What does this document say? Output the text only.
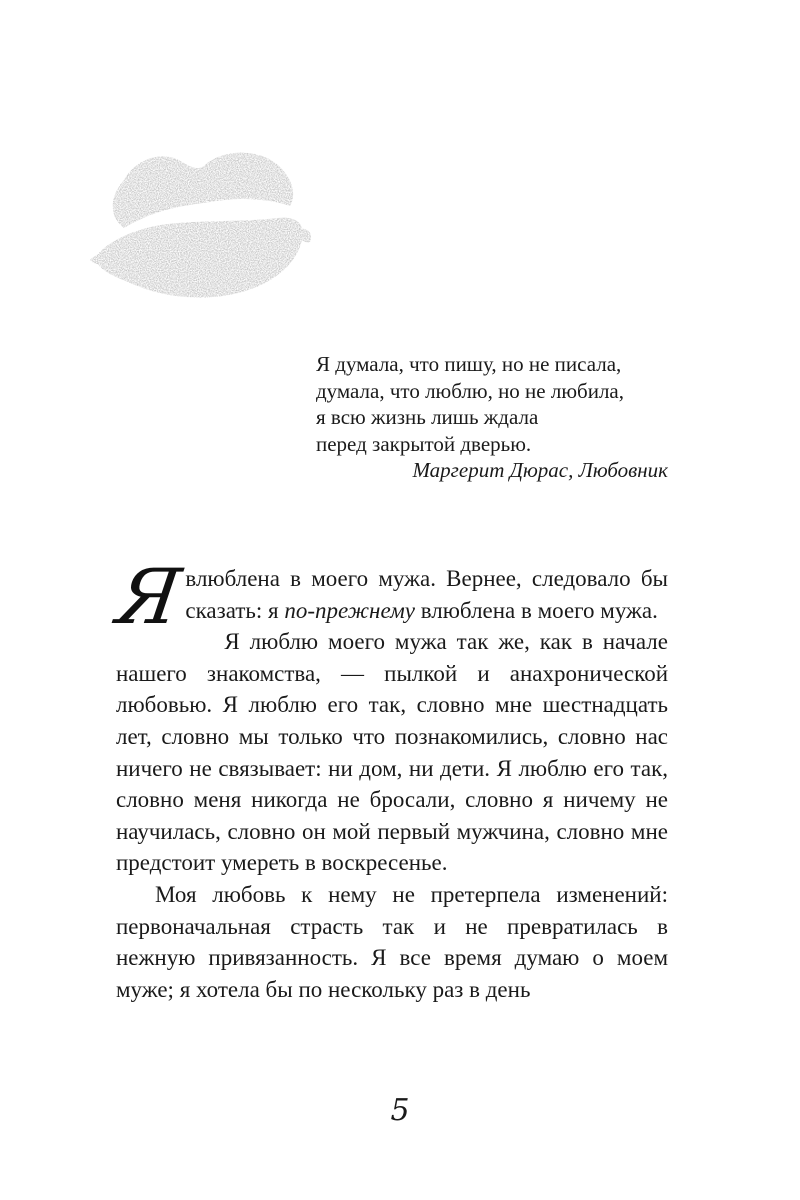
Я думала, что пишу, но не писала,
думала, что люблю, но не любила,
я всю жизнь лишь ждала
перед закрытой дверью.
Маргерит Дюрас, Любовник

Явлюблена в моего мужа. Вернее, следовало бы сказать: я по-прежнему влюблена в моего мужа.

Я люблю моего мужа так же, как в начале нашего знакомства, — пылкой и анахронической любовью. Я люблю его так, словно мне шестнадцать лет, словно мы только что познакомились, словно нас ничего не связывает: ни дом, ни дети. Я люблю его так, словно меня никогда не бросали, словно я ничему не научилась, словно он мой первый мужчина, словно мне предстоит умереть в воскресенье.

Моя любовь к нему не претерпела изменений: первоначальная страсть так и не превратилась в нежную привязанность. Я все время думаю о моем муже; я хотела бы по нескольку раз в день

5
